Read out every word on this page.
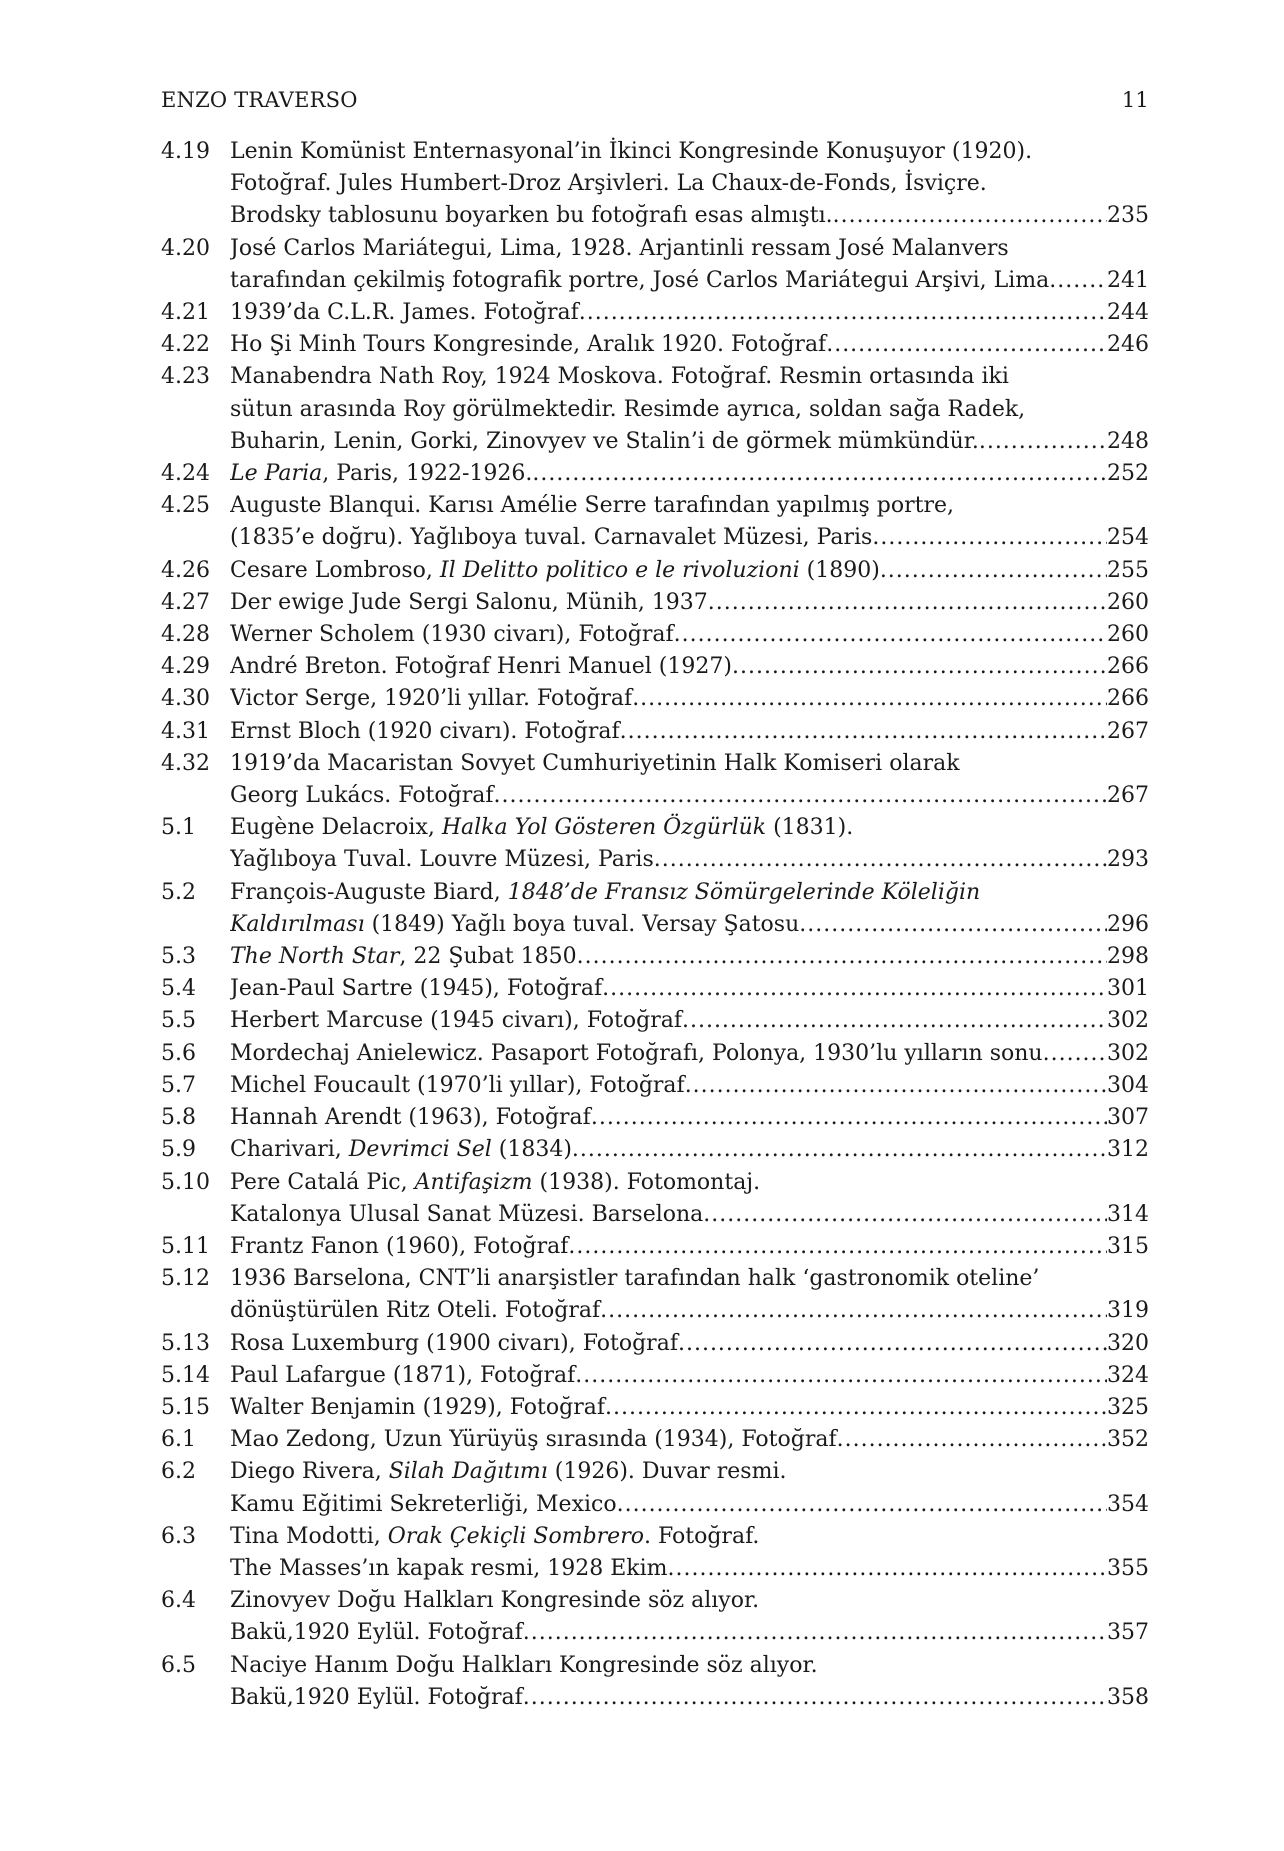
ENZO TRAVERSO	11
4.19 Lenin Komünist Enternasyonal’in İkinci Kongresinde Konuşuyor (1920).
Fotoğraf. Jules Humbert-Droz Arşivleri. La Chaux-de-Fonds, İsviçre.
Brodsky tablosunu boyarken bu fotoğrafı esas almıştı. .....	235
4.20 José Carlos Mariátegui, Lima, 1928. Arjantinli ressam José Malanvers
tarafından çekilmiş fotografik portre, José Carlos Mariátegui Arşivi, Lima .....	241
4.21 1939’da C.L.R. James. Fotoğraf .....	244
4.22 Ho Şi Minh Tours Kongresinde, Aralık 1920. Fotoğraf .....	246
4.23 Manabendra Nath Roy, 1924 Moskova. Fotoğraf. Resmin ortasında iki
sütun arasında Roy görülmektedir. Resimde ayrıca, soldan sağa Radek,
Buharin, Lenin, Gorki, Zinovyev ve Stalin’i de görmek mümkündür. .....	248
4.24 Le Paria, Paris, 1922-1926. .....	252
4.25 Auguste Blanqui. Karısı Amélie Serre tarafından yapılmış portre,
(1835’e doğru). Yağlıboya tuval. Carnavalet Müzesi, Paris .....	254
4.26 Cesare Lombroso, Il Delitto politico e le rivoluzioni (1890) .....	255
4.27 Der ewige Jude Sergi Salonu, Münih, 1937 .....	260
4.28 Werner Scholem (1930 civarı), Fotoğraf .....	260
4.29 André Breton. Fotoğraf Henri Manuel (1927) .....	266
4.30 Victor Serge, 1920’li yıllar. Fotoğraf .....	266
4.31 Ernst Bloch (1920 civarı). Fotoğraf .....	267
4.32 1919’da Macaristan Sovyet Cumhuriyetinin Halk Komiseri olarak
Georg Lukács. Fotoğraf .....	267
5.1	Eugène Delacroix, Halka Yol Gösteren Özgürlük (1831).
Yağlıboya Tuval. Louvre Müzesi, Paris .....	293
5.2	François-Auguste Biard, 1848’de Fransız Sömürgelerinde Köleliğin
Kaldırılması (1849) Yağlı boya tuval. Versay Şatosu .....	296
5.3	The North Star, 22 Şubat 1850 .....	298
5.4	Jean-Paul Sartre (1945), Fotoğraf .....	301
5.5	Herbert Marcuse (1945 civarı), Fotoğraf .....	302
5.6	Mordechaj Anielewicz. Pasaport Fotoğrafı, Polonya, 1930’lu yılların sonu .....	302
5.7	Michel Foucault (1970’li yıllar), Fotoğraf .....	304
5.8	Hannah Arendt (1963), Fotoğraf .....	307
5.9	Charivari, Devrimci Sel (1834) .....	312
5.10 Pere Catalá Pic, Antifaşizm (1938). Fotomontaj.
Katalonya Ulusal Sanat Müzesi. Barselona .....	314
5.11 Frantz Fanon (1960), Fotoğraf .....	315
5.12 1936 Barselona, CNT’li anarşistler tarafından halk ‘gastronomik oteline’
dönüştürülen Ritz Oteli. Fotoğraf .....	319
5.13 Rosa Luxemburg (1900 civarı), Fotoğraf .....	320
5.14 Paul Lafargue (1871), Fotoğraf .....	324
5.15 Walter Benjamin (1929), Fotoğraf .....	325
6.1	Mao Zedong, Uzun Yürüyüş sırasında (1934), Fotoğraf .....	352
6.2	Diego Rivera, Silah Dağıtımı (1926). Duvar resmi.
Kamu Eğitimi Sekreterliği, Mexico .....	354
6.3	Tina Modotti, Orak Çekiçli Sombrero. Fotoğraf.
The Masses’ın kapak resmi, 1928 Ekim .....	355
6.4	Zinovyev Doğu Halkları Kongresinde söz alıyor.
Bakü,1920 Eylül. Fotoğraf .....	357
6.5	Naciye Hanım Doğu Halkları Kongresinde söz alıyor.
Bakü,1920 Eylül. Fotoğraf .....	358
